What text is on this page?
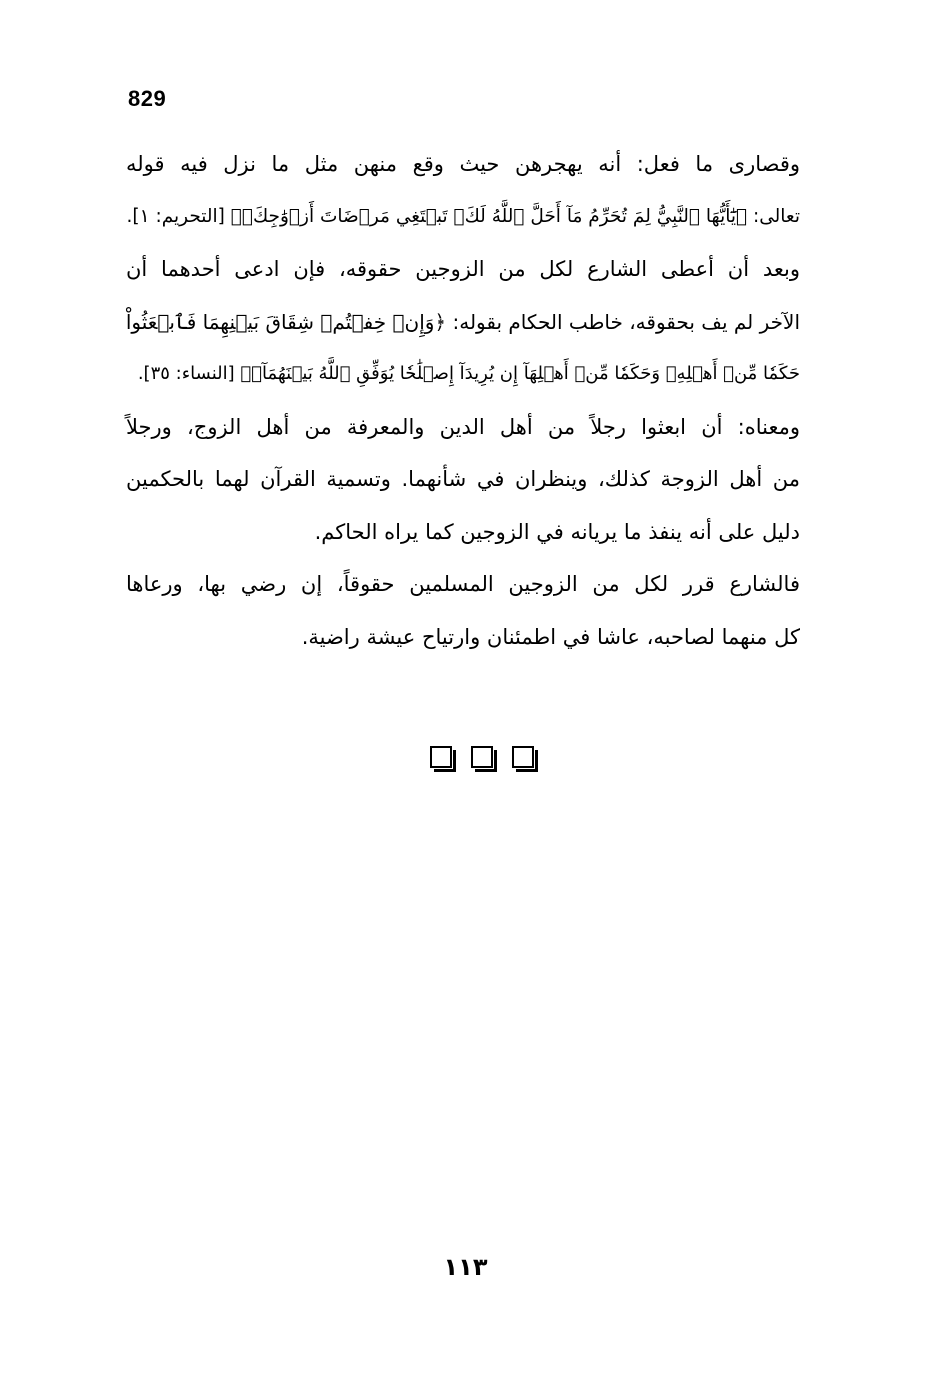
829

وقصارى ما فعل: أنه يهجرهن حيث وقع منهن مثل ما نزل فيه قوله
تعالى: ﴿يَٰٓأَيُّهَا ٱلنَّبِيُّ لِمَ تُحَرِّمُ مَآ أَحَلَّ ٱللَّهُ لَكَۖ تَبۡتَغِي مَرۡضَاتَ أَزۡوَٰجِكَۚ﴾ [التحريم: ١].

وبعد أن أعطى الشارع لكل من الزوجين حقوقه، فإن ادعى أحدهما أن
الآخر لم يف بحقوقه، خاطب الحكام بقوله: ﴿وَإِنۡ خِفۡتُمۡ شِقَاقَ بَيۡنِهِمَا فَٱبۡعَثُواْ
حَكَمٗا مِّنۡ أَهۡلِهِۦ وَحَكَمٗا مِّنۡ أَهۡلِهَآ إِن يُرِيدَآ إِصۡلَٰحٗا يُوَفِّقِ ٱللَّهُ بَيۡنَهُمَآۗ﴾ [النساء: ٣٥].

ومعناه: أن ابعثوا رجلاً من أهل الدين والمعرفة من أهل الزوج، ورجلاً
من أهل الزوجة كذلك، وينظران في شأنهما. وتسمية القرآن لهما بالحكمين
دليل على أنه ينفذ ما يريانه في الزوجين كما يراه الحاكم.

فالشارع قرر لكل من الزوجين المسلمين حقوقاً، إن رضي بها، ورعاها
كل منهما لصاحبه، عاشا في اطمئنان وارتياح عيشة راضية.

١١٣
